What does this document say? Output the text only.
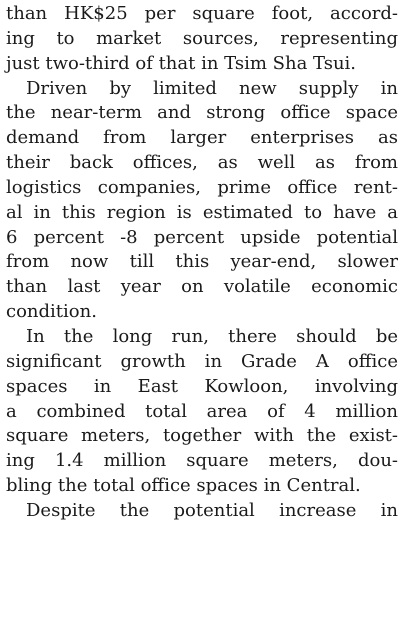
than HK$25 per square foot, accord-
ing to market sources, representing
just two-third of that in Tsim Sha Tsui.
Driven by limited new supply in
the near-term and strong office space
demand from larger enterprises as
their back offices, as well as from
logistics companies, prime office rent-
al in this region is estimated to have a
6 percent -8 percent upside potential
from now till this year-end, slower
than last year on volatile economic
condition.
In the long run, there should be
significant growth in Grade A office
spaces in East Kowloon, involving
a combined total area of 4 million
square meters, together with the exist-
ing 1.4 million square meters, dou-
bling the total office spaces in Central.
Despite the potential increase in
